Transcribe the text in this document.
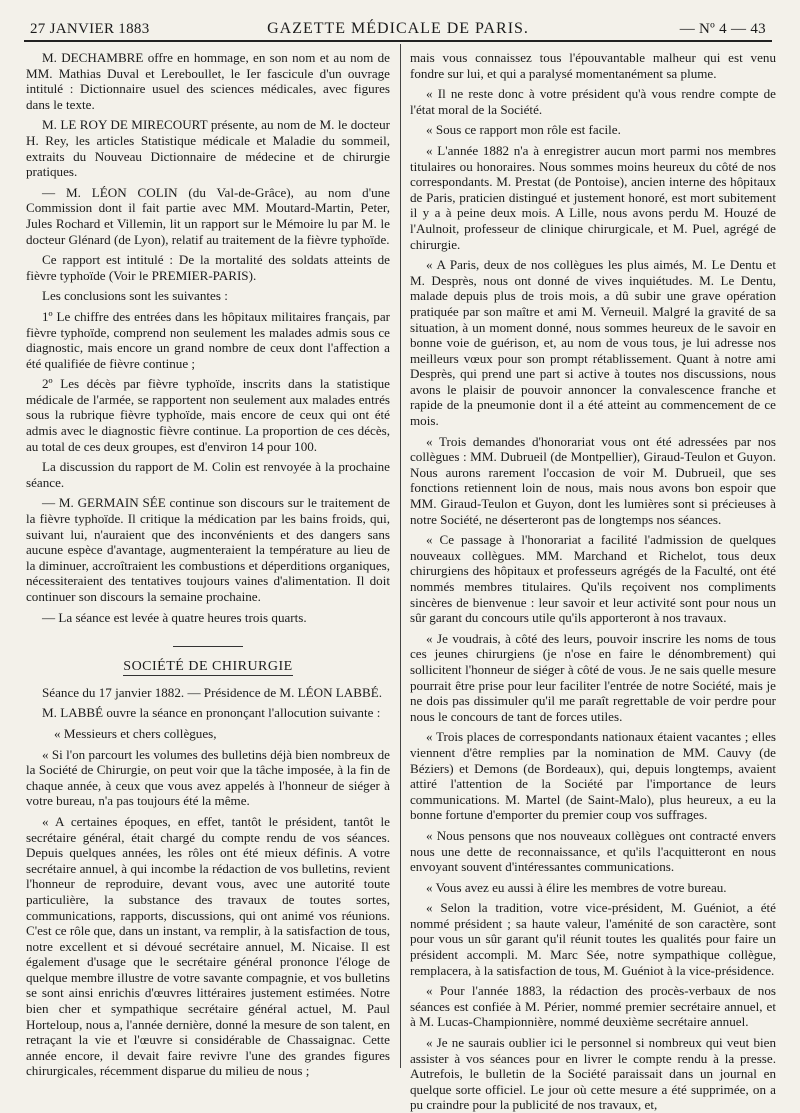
27 JANVIER 1883	GAZETTE MÉDICALE DE PARIS.	— Nº 4 — 43

M. DECHAMBRE offre en hommage, en son nom et au nom de MM. Mathias Duval et Lereboullet, le Ier fascicule d'un ouvrage intitulé : Dictionnaire usuel des sciences médicales, avec figures dans le texte.

M. LE ROY DE MIRECOURT présente, au nom de M. le docteur H. Rey, les articles Statistique médicale et Maladie du sommeil, extraits du Nouveau Dictionnaire de médecine et de chirurgie pratiques.

— M. LÉON COLIN (du Val-de-Grâce), au nom d'une Commission dont il fait partie avec MM. Moutard-Martin, Peter, Jules Rochard et Villemin, lit un rapport sur le Mémoire lu par M. le docteur Glénard (de Lyon), relatif au traitement de la fièvre typhoïde.

Ce rapport est intitulé : De la mortalité des soldats atteints de fièvre typhoïde (Voir le PREMIER-PARIS).

Les conclusions sont les suivantes :

1º Le chiffre des entrées dans les hôpitaux militaires français, par fièvre typhoïde, comprend non seulement les malades admis sous ce diagnostic, mais encore un grand nombre de ceux dont l'affection a été qualifiée de fièvre continue ;

2º Les décès par fièvre typhoïde, inscrits dans la statistique médicale de l'armée, se rapportent non seulement aux malades entrés sous la rubrique fièvre typhoïde, mais encore de ceux qui ont été admis avec le diagnostic fièvre continue. La proportion de ces décès, au total de ces deux groupes, est d'environ 14 pour 100.

La discussion du rapport de M. Colin est renvoyée à la prochaine séance.

— M. GERMAIN SÉE continue son discours sur le traitement de la fièvre typhoïde. Il critique la médication par les bains froids, qui, suivant lui, n'auraient que des inconvénients et des dangers sans aucune espèce d'avantage, augmenteraient la température au lieu de la diminuer, accroîtraient les combustions et déperditions organiques, nécessiteraient des tentatives toujours vaines d'alimentation. Il doit continuer son discours la semaine prochaine.

— La séance est levée à quatre heures trois quarts.

SOCIÉTÉ DE CHIRURGIE

Séance du 17 janvier 1882. — Présidence de M. LÉON LABBÉ.

M. LABBÉ ouvre la séance en prononçant l'allocution suivante :

« Messieurs et chers collègues,

« Si l'on parcourt les volumes des bulletins déjà bien nombreux de la Société de Chirurgie, on peut voir que la tâche imposée, à la fin de chaque année, à ceux que vous avez appelés à l'honneur de siéger à votre bureau, n'a pas toujours été la même.

« A certaines époques, en effet, tantôt le président, tantôt le secrétaire général, était chargé du compte rendu de vos séances. Depuis quelques années, les rôles ont été mieux définis. A votre secrétaire annuel, à qui incombe la rédaction de vos bulletins, revient l'honneur de reproduire, devant vous, avec une autorité toute particulière, la substance des travaux de toutes sortes, communications, rapports, discussions, qui ont animé vos réunions. C'est ce rôle que, dans un instant, va remplir, à la satisfaction de tous, notre excellent et si dévoué secrétaire annuel, M. Nicaise. Il est également d'usage que le secrétaire général prononce l'éloge de quelque membre illustre de votre savante compagnie, et vos bulletins se sont ainsi enrichis d'œuvres littéraires justement estimées. Notre bien cher et sympathique secrétaire général actuel, M. Paul Horteloup, nous a, l'année dernière, donné la mesure de son talent, en retraçant la vie et l'œuvre si considérable de Chassaignac. Cette année encore, il devait faire revivre l'une des grandes figures chirurgicales, récemment disparue du milieu de nous ;

mais vous connaissez tous l'épouvantable malheur qui est venu fondre sur lui, et qui a paralysé momentanément sa plume.

« Il ne reste donc à votre président qu'à vous rendre compte de l'état moral de la Société.

« Sous ce rapport mon rôle est facile.

« L'année 1882 n'a à enregistrer aucun mort parmi nos membres titulaires ou honoraires. Nous sommes moins heureux du côté de nos correspondants. M. Prestat (de Pontoise), ancien interne des hôpitaux de Paris, praticien distingué et justement honoré, est mort subitement il y a à peine deux mois. A Lille, nous avons perdu M. Houzé de l'Aulnoit, professeur de clinique chirurgicale, et M. Puel, agrégé de chirurgie.

« A Paris, deux de nos collègues les plus aimés, M. Le Dentu et M. Desprès, nous ont donné de vives inquiétudes. M. Le Dentu, malade depuis plus de trois mois, a dû subir une grave opération pratiquée par son maître et ami M. Verneuil. Malgré la gravité de sa situation, à un moment donné, nous sommes heureux de le savoir en bonne voie de guérison, et, au nom de vous tous, je lui adresse nos meilleurs vœux pour son prompt rétablissement. Quant à notre ami Desprès, qui prend une part si active à toutes nos discussions, nous avons le plaisir de pouvoir annoncer la convalescence franche et rapide de la pneumonie dont il a été atteint au commencement de ce mois.

« Trois demandes d'honorariat vous ont été adressées par nos collègues : MM. Dubrueil (de Montpellier), Giraud-Teulon et Guyon. Nous aurons rarement l'occasion de voir M. Dubrueil, que ses fonctions retiennent loin de nous, mais nous avons bon espoir que MM. Giraud-Teulon et Guyon, dont les lumières sont si précieuses à notre Société, ne déserteront pas de longtemps nos séances.

« Ce passage à l'honorariat a facilité l'admission de quelques nouveaux collègues. MM. Marchand et Richelot, tous deux chirurgiens des hôpitaux et professeurs agrégés de la Faculté, ont été nommés membres titulaires. Qu'ils reçoivent nos compliments sincères de bienvenue : leur savoir et leur activité sont pour nous un sûr garant du concours utile qu'ils apporteront à nos travaux.

« Je voudrais, à côté des leurs, pouvoir inscrire les noms de tous ces jeunes chirurgiens (je n'ose en faire le dénombrement) qui sollicitent l'honneur de siéger à côté de vous. Je ne sais quelle mesure pourrait être prise pour leur faciliter l'entrée de notre Société, mais je ne dois pas dissimuler qu'il me paraît regrettable de voir perdre pour nous le concours de tant de forces utiles.

« Trois places de correspondants nationaux étaient vacantes ; elles viennent d'être remplies par la nomination de MM. Cauvy (de Béziers) et Demons (de Bordeaux), qui, depuis longtemps, avaient attiré l'attention de la Société par l'importance de leurs communications. M. Martel (de Saint-Malo), plus heureux, a eu la bonne fortune d'emporter du premier coup vos suffrages.

« Nous pensons que nos nouveaux collègues ont contracté envers nous une dette de reconnaissance, et qu'ils l'acquitteront en nous envoyant souvent d'intéressantes communications.

« Vous avez eu aussi à élire les membres de votre bureau.

« Selon la tradition, votre vice-président, M. Guéniot, a été nommé président ; sa haute valeur, l'aménité de son caractère, sont pour vous un sûr garant qu'il réunit toutes les qualités pour faire un président accompli. M. Marc Sée, notre sympathique collègue, remplacera, à la satisfaction de tous, M. Guéniot à la vice-présidence.

« Pour l'année 1883, la rédaction des procès-verbaux de nos séances est confiée à M. Périer, nommé premier secrétaire annuel, et à M. Lucas-Championnière, nommé deuxième secrétaire annuel.

« Je ne saurais oublier ici le personnel si nombreux qui veut bien assister à vos séances pour en livrer le compte rendu à la presse. Autrefois, le bulletin de la Société paraissait dans un journal en quelque sorte officiel. Le jour où cette mesure a été supprimée, on a pu craindre pour la publicité de nos travaux, et,
